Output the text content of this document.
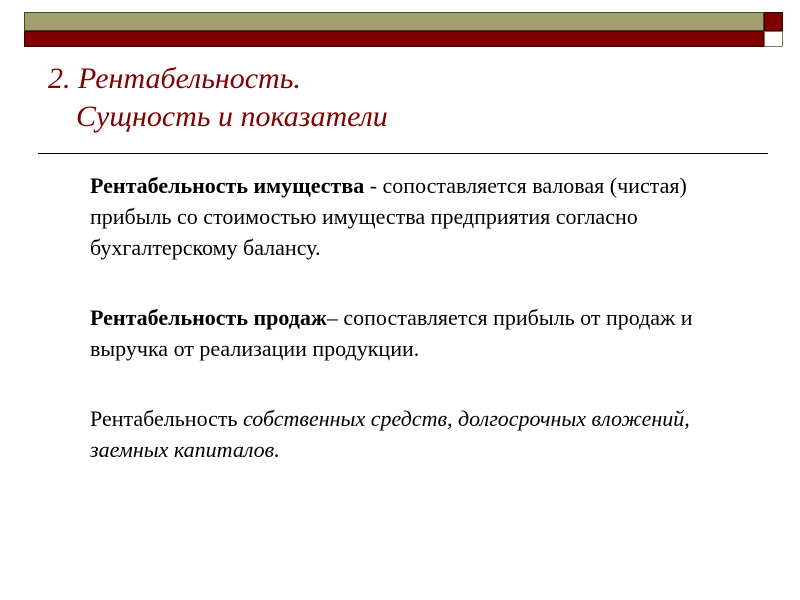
2. Рентабельность.
Сущность и показатели

Рентабельность имущества - сопоставляется валовая (чистая) прибыль со стоимостью имущества предприятия согласно бухгалтерскому балансу.

Рентабельность продаж– сопоставляется прибыль от продаж и выручка от реализации продукции.

Рентабельность собственных средств, долгосрочных вложений, заемных капиталов.
